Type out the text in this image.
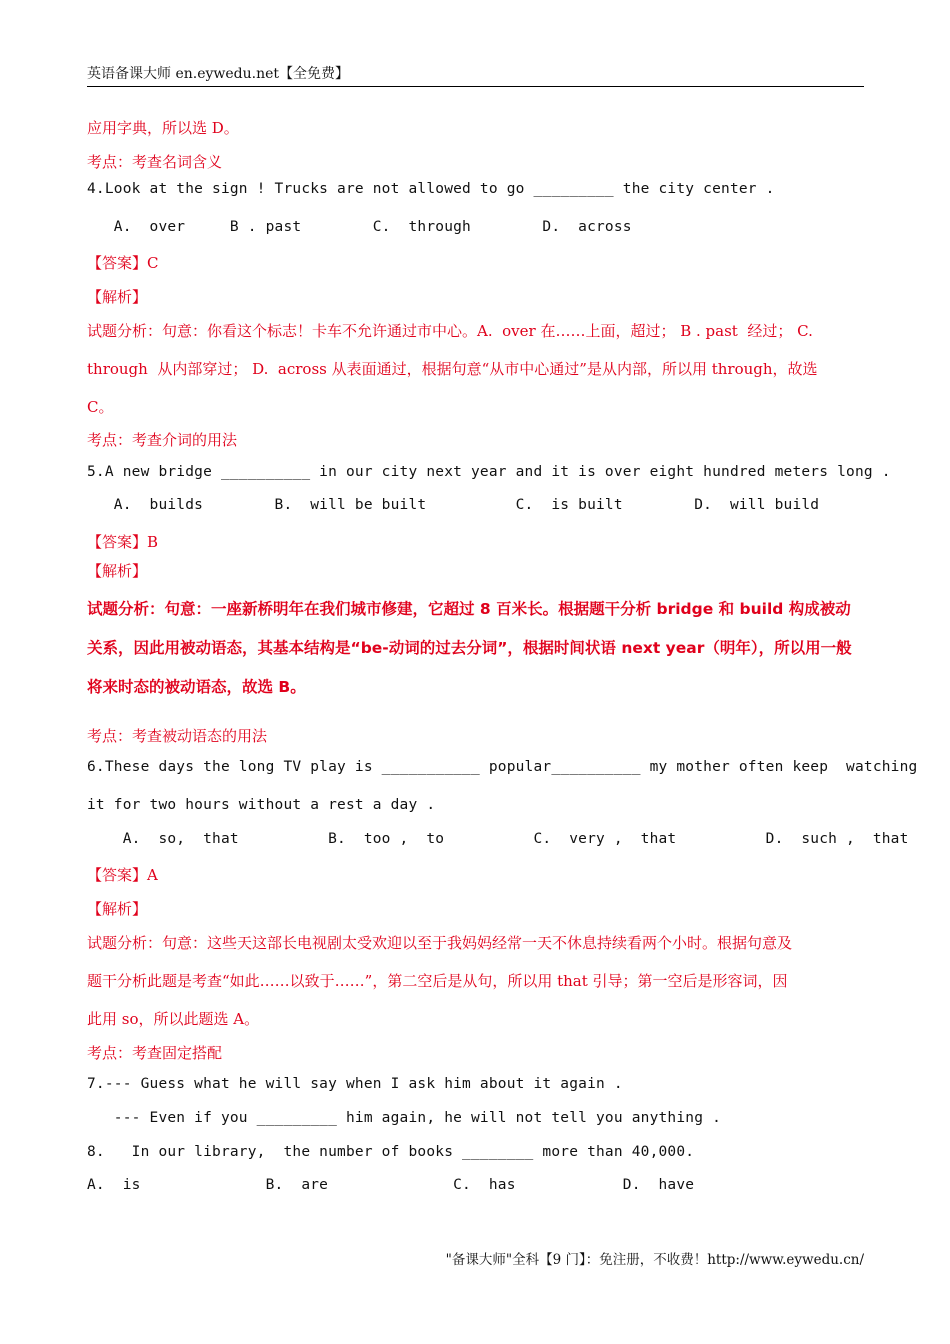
英语备课大师 en.eywedu.net【全免费】
应用字典，所以选 D。
考点：考查名词含义
4.Look at the sign ! Trucks are not allowed to go _________ the city center .
A.  over     B . past        C.  through        D.  across
【答案】C
【解析】
试题分析：句意：你看这个标志！卡车不允许通过市中心。A.  over 在……上面，超过； B . past  经过； C.
through  从内部穿过； D.  across 从表面通过，根据句意“从市中心通过”是从内部，所以用 through，故选
C。
考点：考查介词的用法
5.A new bridge __________ in our city next year and it is over eight hundred meters long .
A.  builds        B.  will be built          C.  is built        D.  will build
【答案】B
【解析】
试题分析：句意：一座新桥明年在我们城市修建，它超过 8 百米长。根据题干分析 bridge 和 build 构成被动
关系，因此用被动语态，其基本结构是“be-动词的过去分词”，根据时间状语 next year（明年），所以用一般
将来时态的被动语态，故选 B。
考点：考查被动语态的用法
6.These days the long TV play is ___________ popular__________ my mother often keep  watching
it for two hours without a rest a day .
A.  so,  that          B.  too ,  to          C.  very ,  that          D.  such ,  that
【答案】A
【解析】
试题分析：句意：这些天这部长电视剧太受欢迎以至于我妈妈经常一天不休息持续看两个小时。根据句意及
题干分析此题是考查“如此……以致于……”，第二空后是从句，所以用 that 引导；第一空后是形容词，因
此用 so，所以此题选 A。
考点：考查固定搭配
7.--- Guess what he will say when I ask him about it again .
--- Even if you _________ him again, he will not tell you anything .
8.   In our library,  the number of books ________ more than 40,000.
A.  is              B.  are              C.  has            D.  have
"备课大师"全科【9 门】：免注册，不收费！http://www.eywedu.cn/
